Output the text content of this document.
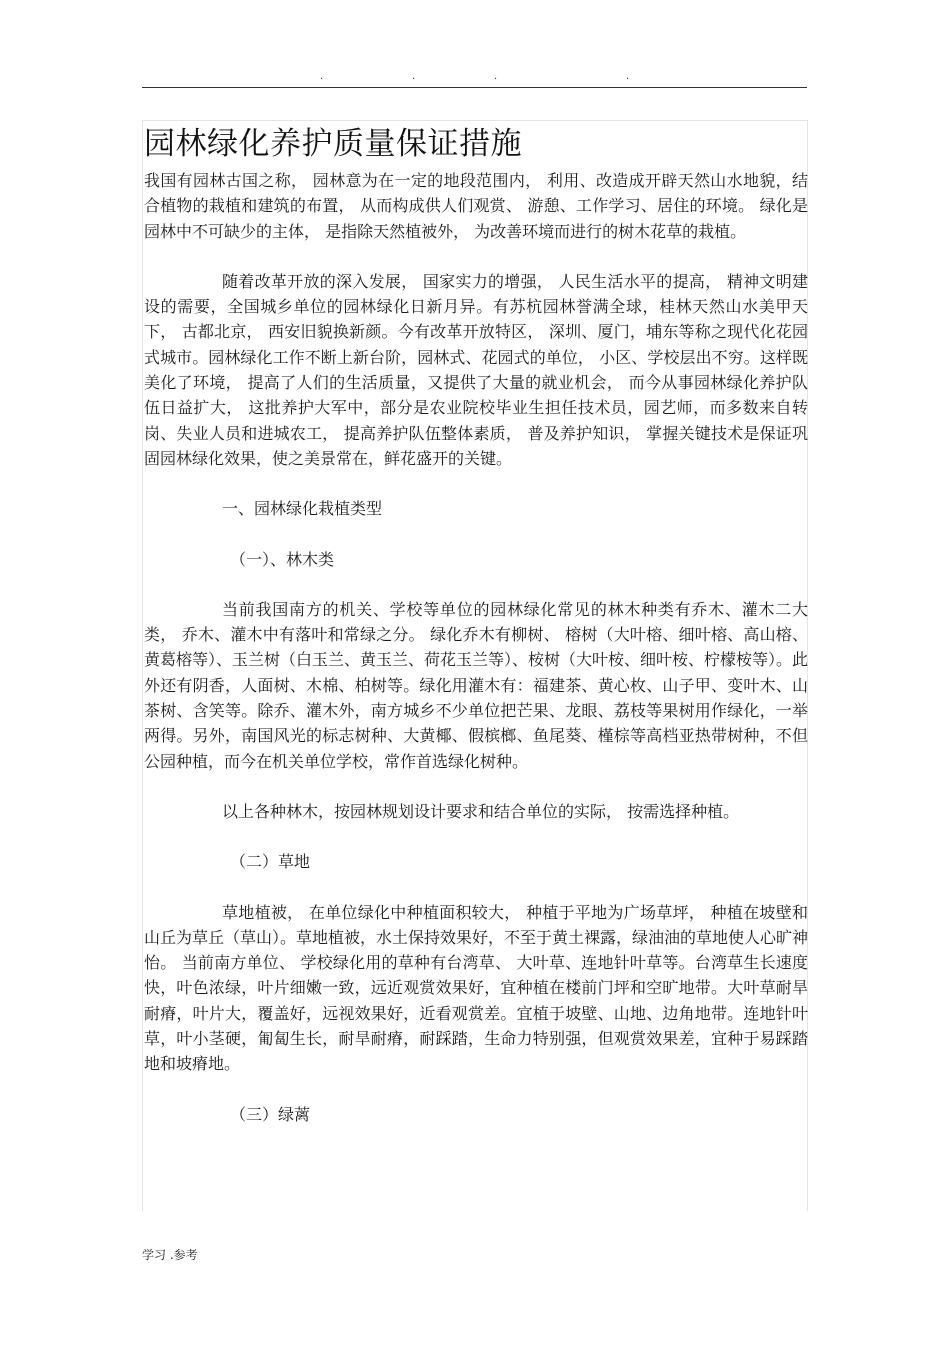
.	.	.	.
园林绿化养护质量保证措施

我国有园林古国之称， 园林意为在一定的地段范围内， 利用、改造成开辟天然山水地貌，结合植物的栽植和建筑的布置， 从而构成供人们观赏、 游憩、工作学习、居住的环境。 绿化是园林中不可缺少的主体， 是指除天然植被外， 为改善环境而进行的树木花草的栽植。

随着改革开放的深入发展， 国家实力的增强， 人民生活水平的提高， 精神文明建设的需要，全国城乡单位的园林绿化日新月异。有苏杭园林誉满全球，桂林天然山水美甲天下， 古都北京， 西安旧貌换新颜。今有改革开放特区， 深圳、厦门，埔东等称之现代化花园式城市。园林绿化工作不断上新台阶，园林式、花园式的单位， 小区、学校层出不穷。这样既美化了环境， 提高了人们的生活质量，又提供了大量的就业机会， 而今从事园林绿化养护队伍日益扩大， 这批养护大军中，部分是农业院校毕业生担任技术员，园艺师，而多数来自转岗、失业人员和进城农工， 提高养护队伍整体素质， 普及养护知识， 掌握关键技术是保证巩固园林绿化效果，使之美景常在，鲜花盛开的关键。

一、园林绿化栽植类型

（一）、林木类

当前我国南方的机关、学校等单位的园林绿化常见的林木种类有乔木、灌木二大类， 乔木、灌木中有落叶和常绿之分。 绿化乔木有柳树、 榕树（大叶榕、细叶榕、高山榕、黄葛榕等）、玉兰树（白玉兰、黄玉兰、荷花玉兰等）、桉树（大叶桉、细叶桉、柠檬桉等）。此外还有阴香，人面树、木棉、柏树等。绿化用灌木有：福建茶、黄心枚、山子甲、变叶木、山茶树、含笑等。除乔、灌木外，南方城乡不少单位把芒果、龙眼、荔枝等果树用作绿化，一举两得。另外，南国风光的标志树种、大黄椰、假槟榔、鱼尾葵、槿棕等高档亚热带树种，不但公园种植，而今在机关单位学校，常作首选绿化树种。

以上各种林木，按园林规划设计要求和结合单位的实际， 按需选择种植。

（二）草地

草地植被， 在单位绿化中种植面积较大， 种植于平地为广场草坪， 种植在坡壁和山丘为草丘（草山）。草地植被，水土保持效果好，不至于黄土裸露，绿油油的草地使人心旷神怡。 当前南方单位、 学校绿化用的草种有台湾草、 大叶草、连地针叶草等。台湾草生长速度快，叶色浓绿，叶片细嫩一致，远近观赏效果好，宜种植在楼前门坪和空旷地带。大叶草耐旱耐瘠，叶片大，覆盖好，远视效果好，近看观赏差。宜植于坡壁、山地、边角地带。连地针叶草，叶小茎硬，匍匐生长，耐旱耐瘠，耐踩踏，生命力特别强，但观赏效果差，宜种于易踩踏地和坡瘠地。

（三）绿蓠

学习 .参考
